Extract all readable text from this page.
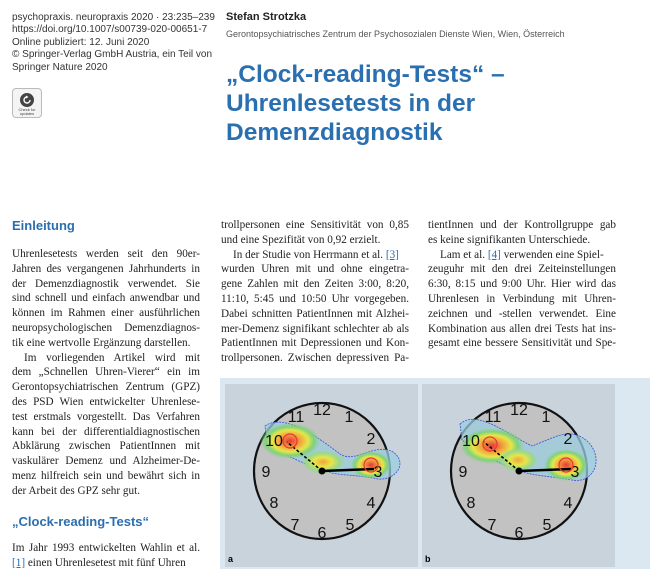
psychopraxis. neuropraxis 2020 · 23:235–239
https://doi.org/10.1007/s00739-020-00651-7
Online publiziert: 12. Juni 2020
© Springer-Verlag GmbH Austria, ein Teil von
Springer Nature 2020
Check for
updates
Stefan Strotzka
Gerontopsychiatrisches Zentrum der Psychosozialen Dienste Wien, Wien, Österreich
„Clock-reading-Tests“ –
Uhrenlesetests in der
Demenzdiagnostik
Einleitung
Uhrenlesetests werden seit den 90er-
Jahren des vergangenen Jahrhunderts in
der Demenzdiagnostik verwendet. Sie
sind schnell und einfach anwendbar und
können im Rahmen einer ausführlichen
neuropsychologischen Demenzdiagnos-
tik eine wertvolle Ergänzung darstellen.
Im vorliegenden Artikel wird mit
dem „Schnellen Uhren-Vierer“ ein im
Gerontopsychiatrischen Zentrum (GPZ)
des PSD Wien entwickelter Uhrenlese-
test erstmals vorgestellt. Das Verfahren
kann bei der differentialdiagnostischen
Abklärung zwischen PatientInnen mit
vaskulärer Demenz und Alzheimer-De-
menz hilfreich sein und bewährt sich in
der Arbeit des GPZ sehr gut.
„Clock-reading-Tests“
Im Jahr 1993 entwickelten Wahlin et al.
[1] einen Uhrenlesetest mit fünf Uhren
trollpersonen eine Sensitivität von 0,85
und eine Spezifität von 0,92 erzielt.
In der Studie von Herrmann et al. [3]
wurden Uhren mit und ohne eingetra-
gene Zahlen mit den Zeiten 3:00, 8:20,
11:10, 5:45 und 10:50 Uhr vorgegeben.
Dabei schnitten PatientInnen mit Alzhei-
mer-Demenz signifikant schlechter ab als
PatientInnen mit Depressionen und Kon-
trollpersonen. Zwischen depressiven Pa-
tientInnen und der Kontrollgruppe gab
es keine signifikanten Unterschiede.
Lam et al. [4] verwenden eine Spiel-
zeuguhr mit den drei Zeiteinstellungen
6:30, 8:15 und 9:00 Uhr. Hier wird das
Uhrenlesen in Verbindung mit Uhren-
zeichnen und -stellen verwendet. Eine
Kombination aus allen drei Tests hat ins-
gesamt eine bessere Sensitivität und Spe-
12 1
2
3
4
5
6
7
8
9
10
11
a
12 1
2
3
4
5
6
7
8
9
10
11
b
